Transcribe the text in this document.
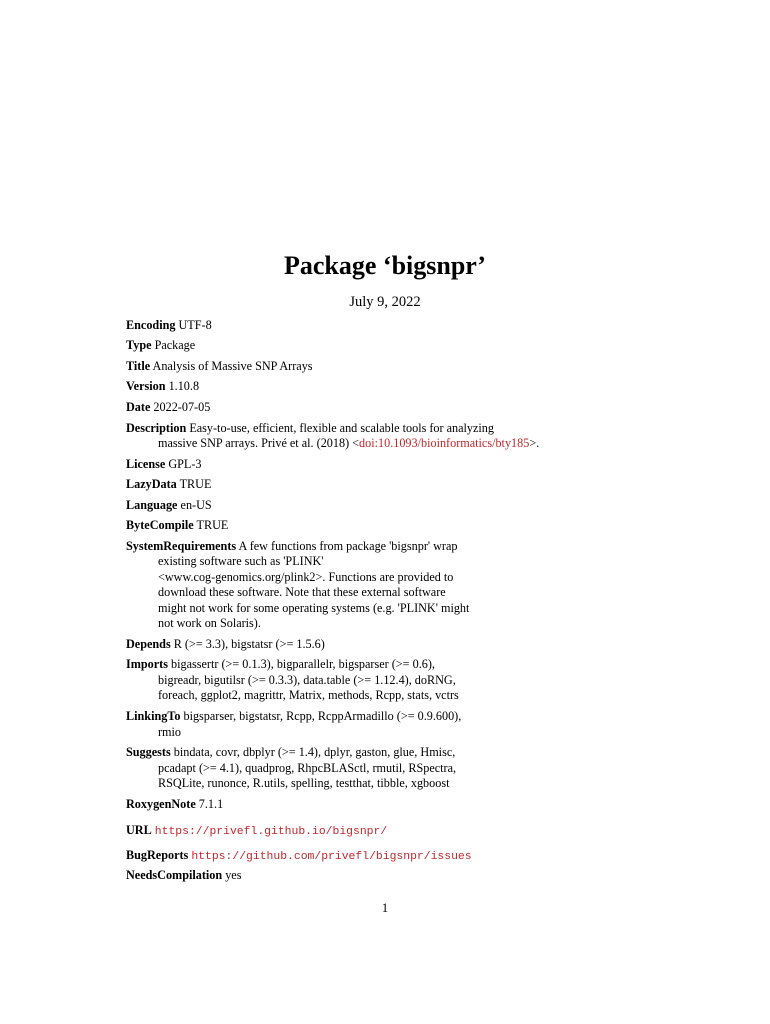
Package ‘bigsnpr’
July 9, 2022
Encoding UTF-8
Type Package
Title Analysis of Massive SNP Arrays
Version 1.10.8
Date 2022-07-05
Description Easy-to-use, efficient, flexible and scalable tools for analyzing
massive SNP arrays. Privé et al. (2018) <doi:10.1093/bioinformatics/bty185>.
License GPL-3
LazyData TRUE
Language en-US
ByteCompile TRUE
SystemRequirements A few functions from package 'bigsnpr' wrap
existing software such as 'PLINK'
<www.cog-genomics.org/plink2>. Functions are provided to
download these software. Note that these external software
might not work for some operating systems (e.g. 'PLINK' might
not work on Solaris).
Depends R (>= 3.3), bigstatsr (>= 1.5.6)
Imports bigassertr (>= 0.1.3), bigparallelr, bigsparser (>= 0.6),
bigreadr, bigutilsr (>= 0.3.3), data.table (>= 1.12.4), doRNG,
foreach, ggplot2, magrittr, Matrix, methods, Rcpp, stats, vctrs
LinkingTo bigsparser, bigstatsr, Rcpp, RcppArmadillo (>= 0.9.600),
rmio
Suggests bindata, covr, dbplyr (>= 1.4), dplyr, gaston, glue, Hmisc,
pcadapt (>= 4.1), quadprog, RhpcBLASctl, rmutil, RSpectra,
RSQLite, runonce, R.utils, spelling, testthat, tibble, xgboost
RoxygenNote 7.1.1
URL https://privefl.github.io/bigsnpr/
BugReports https://github.com/privefl/bigsnpr/issues
NeedsCompilation yes
1
